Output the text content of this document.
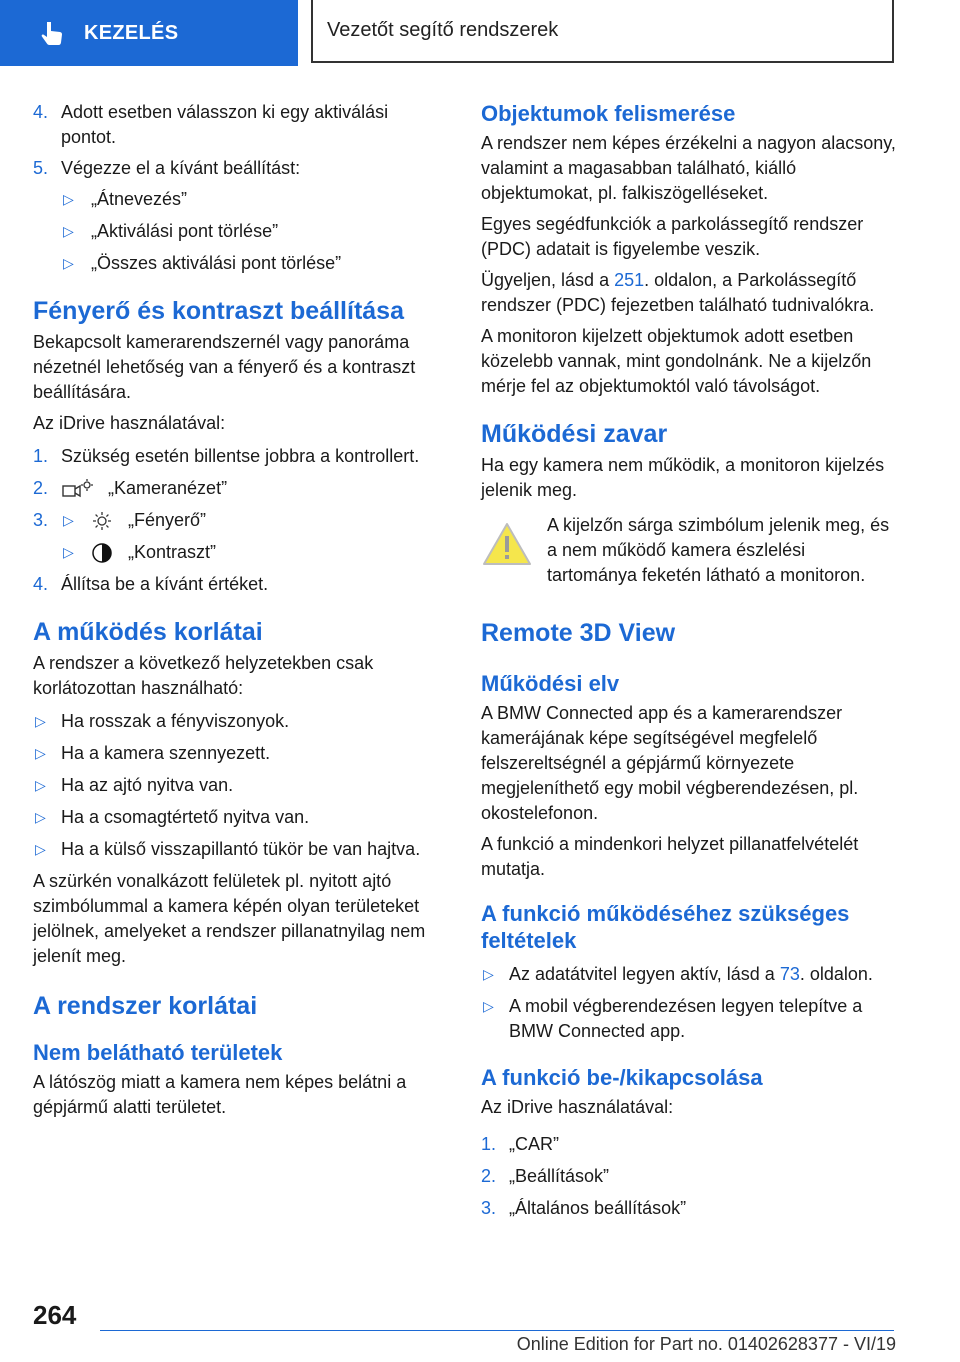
KEZELÉS	Vezetőt segítő rendszerek
4. Adott esetben válasszon ki egy aktiválási pontot.
5. Végezze el a kívánt beállítást:
▷ „Átnevezés”
▷ „Aktiválási pont törlése”
▷ „Összes aktiválási pont törlése”
Fényerő és kontraszt beállítása

Bekapcsolt kamerarendszernél vagy panoráma nézetnél lehetőség van a fényerő és a kontraszt beállítására.

Az iDrive használatával:

1. Szükség esetén billentse jobbra a kontrollert.
2.	„Kameranézet”
3. ▷	„Fényerő”
▷	„Kontraszt”
4. Állítsa be a kívánt értéket.
A működés korlátai

A rendszer a következő helyzetekben csak korlátozottan használható:

▷ Ha rosszak a fényviszonyok.
▷ Ha a kamera szennyezett.
▷ Ha az ajtó nyitva van.
▷ Ha a csomagtértető nyitva van.
▷ Ha a külső visszapillantó tükör be van hajtva.

A szürkén vonalkázott felületek pl. nyitott ajtó szimbólummal a kamera képén olyan területeket jelölnek, amelyeket a rendszer pillanatnyilag nem jelenít meg.

A rendszer korlátai
Nem belátható területek

A látószög miatt a kamera nem képes belátni a gépjármű alatti területet.

Objektumok felismerése

A rendszer nem képes érzékelni a nagyon alacsony, valamint a magasabban található, kiálló objektumokat, pl. falkiszögelléseket.

Egyes segédfunkciók a parkolássegítő rendszer (PDC) adatait is figyelembe veszik.

Ügyeljen, lásd a 251. oldalon, a Parkolássegítő rendszer (PDC) fejezetben található tudnivalókra.

A monitoron kijelzett objektumok adott esetben közelebb vannak, mint gondolnánk. Ne a kijelzőn mérje fel az objektumoktól való távolságot.

Működési zavar

Ha egy kamera nem működik, a monitoron kijelzés jelenik meg.

A kijelzőn sárga szimbólum jelenik meg, és a nem működő kamera észlelési tartománya feketén látható a monitoron.

Remote 3D View
Működési elv

A BMW Connected app és a kamerarendszer kamerájának képe segítségével megfelelő felszereltségnél a gépjármű környezete megjeleníthető egy mobil végberendezésen, pl. okostelefonon.

A funkció a mindenkori helyzet pillanatfelvételét mutatja.

A funkció működéséhez szükséges feltételek
▷ Az adatátvitel legyen aktív, lásd a 73. oldalon.
▷ A mobil végberendezésen legyen telepítve a BMW Connected app.
A funkció be-/kikapcsolása

Az iDrive használatával:

1. „CAR”
2. „Beállítások”
3. „Általános beállítások”
264
Online Edition for Part no. 01402628377 - VI/19
